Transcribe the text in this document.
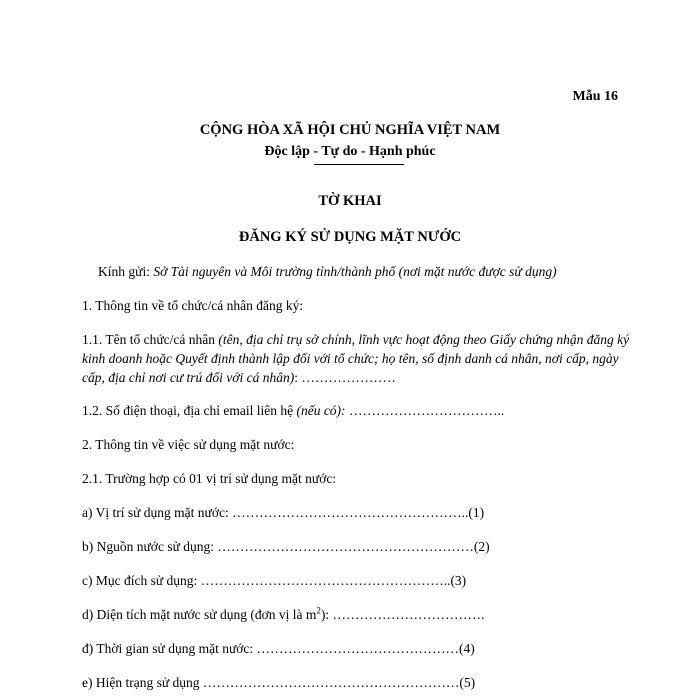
Mẫu 16
CỘNG HÒA XÃ HỘI CHỦ NGHĨA VIỆT NAM
Độc lập - Tự do - Hạnh phúc
TỜ KHAI
ĐĂNG KÝ SỬ DỤNG MẶT NƯỚC
Kính gửi: Sở Tài nguyên và Môi trường tỉnh/thành phố (nơi mặt nước được sử dụng)
1. Thông tin về tổ chức/cá nhân đăng ký:
1.1. Tên tổ chức/cá nhân (tên, địa chỉ trụ sở chính, lĩnh vực hoạt động theo Giấy chứng nhận đăng ký kinh doanh hoặc Quyết định thành lập đối với tổ chức; họ tên, số định danh cá nhân, nơi cấp, ngày cấp, địa chỉ nơi cư trú đối với cá nhân): …………………
1.2. Số điện thoại, địa chỉ email liên hệ (nếu có): ……………………………..
2. Thông tin về việc sử dụng mặt nước:
2.1. Trường hợp có 01 vị trí sử dụng mặt nước:
a) Vị trí sử dụng mặt nước: ……………………………………………..(1)
b) Nguồn nước sử dụng: …………………………………………………(2)
c) Mục đích sử dụng: ………………………………………………..(3)
d) Diện tích mặt nước sử dụng (đơn vị là $m^2$): …………………………….
đ) Thời gian sử dụng mặt nước: ………………………………………(4)
e) Hiện trạng sử dụng …………………………………………………(5)
